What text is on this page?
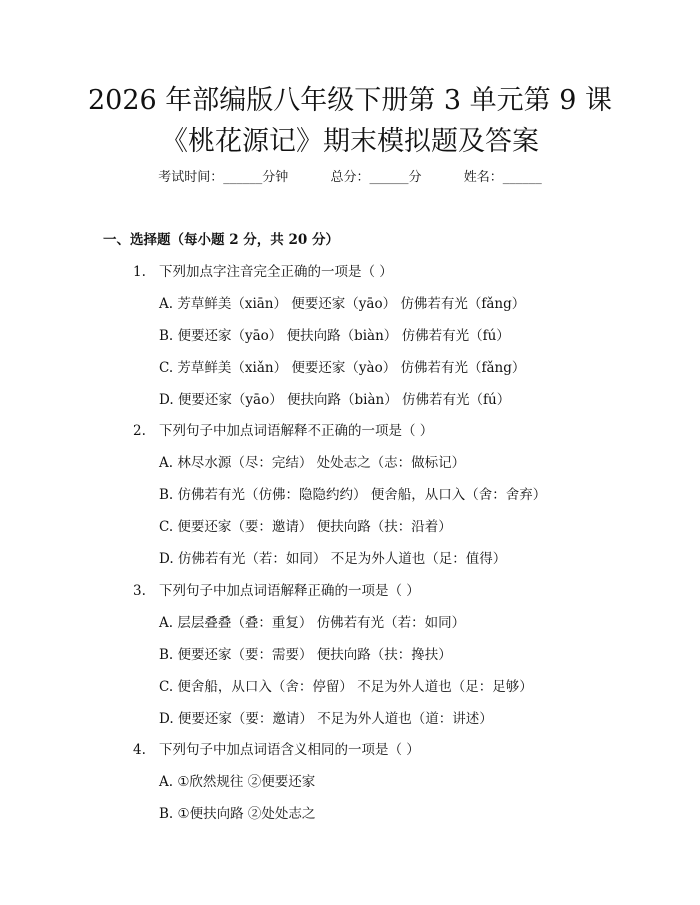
2026 年部编版八年级下册第 3 单元第 9 课
《桃花源记》期末模拟题及答案
考试时间：______分钟	总分：______分	姓名：______
一、选择题（每小题 2 分，共 20 分）
1. 下列加点字注音完全正确的一项是（ ）
A. 芳草鲜美（xiān） 便要还家（yāo） 仿佛若有光（fǎng）
B. 便要还家（yāo） 便扶向路（biàn） 仿佛若有光（fú）
C. 芳草鲜美（xiǎn） 便要还家（yào） 仿佛若有光（fǎng）
D. 便要还家（yāo） 便扶向路（biàn） 仿佛若有光（fú）
2. 下列句子中加点词语解释不正确的一项是（ ）
A. 林尽水源（尽：完结） 处处志之（志：做标记）
B. 仿佛若有光（仿佛：隐隐约约） 便舍船，从口入（舍：舍弃）
C. 便要还家（要：邀请） 便扶向路（扶：沿着）
D. 仿佛若有光（若：如同） 不足为外人道也（足：值得）
3. 下列句子中加点词语解释正确的一项是（ ）
A. 层层叠叠（叠：重复） 仿佛若有光（若：如同）
B. 便要还家（要：需要） 便扶向路（扶：搀扶）
C. 便舍船，从口入（舍：停留） 不足为外人道也（足：足够）
D. 便要还家（要：邀请） 不足为外人道也（道：讲述）
4. 下列句子中加点词语含义相同的一项是（ ）
A. ①欣然规往 ②便要还家
B. ①便扶向路 ②处处志之
